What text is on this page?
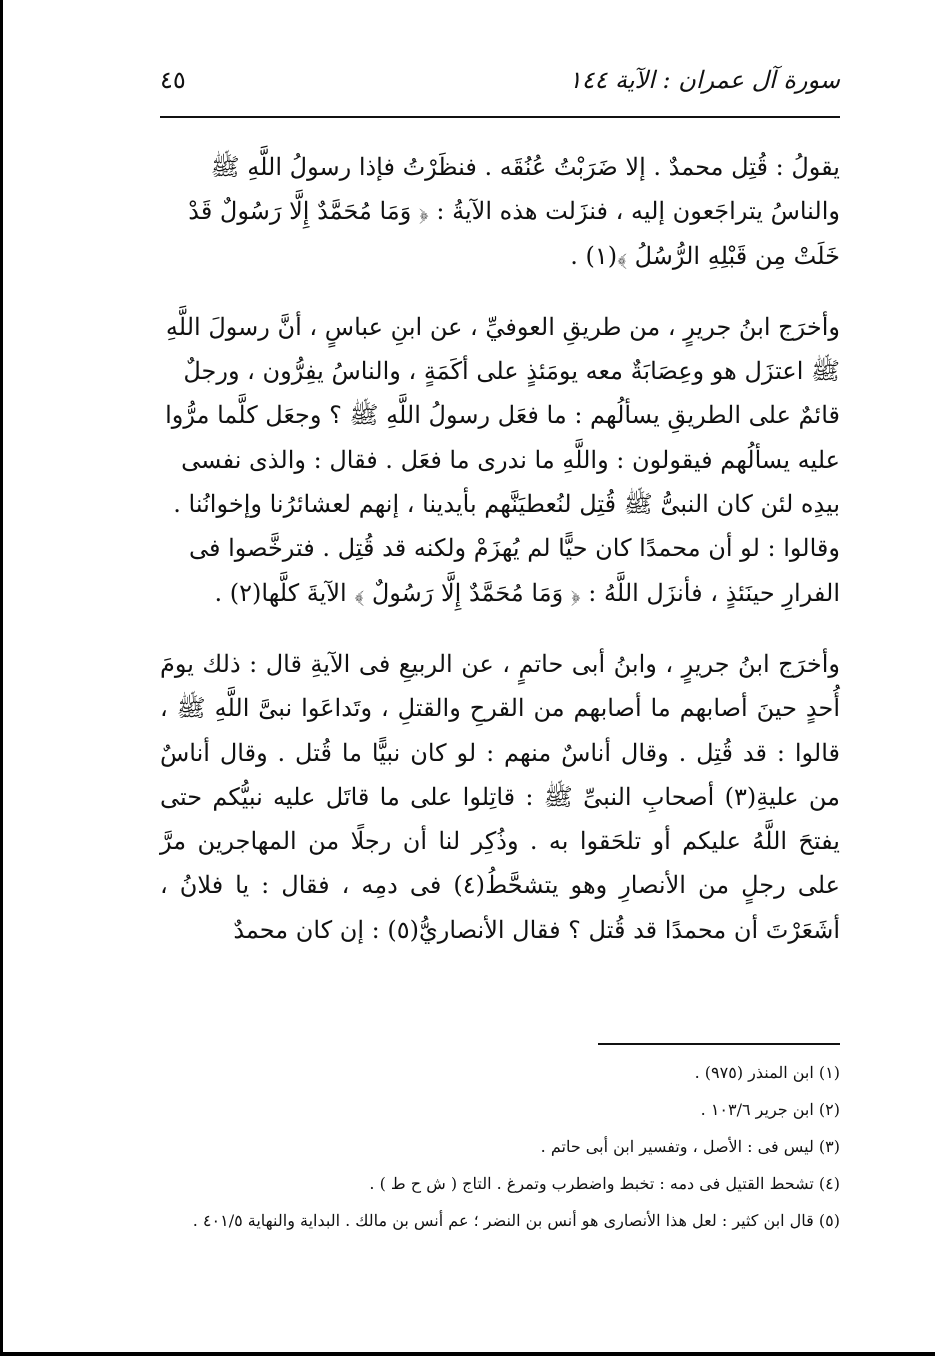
سورة آل عمران : الآية ١٤٤
٤٥

يقولُ : قُتِل محمدٌ . إلا ضَرَبْتُ عُنُقَه . فنظَرْتُ فإذا رسولُ اللَّهِ ﷺ والناسُ يتراجَعون إليه ، فنزَلت هذه الآيةُ : ﴿ وَمَا مُحَمَّدٌ إِلَّا رَسُولٌ قَدْ خَلَتْ مِن قَبْلِهِ الرُّسُلُ ﴾(١) .

وأخرَج ابنُ جريرٍ ، من طريقِ العوفيِّ ، عن ابنِ عباسٍ ، أنَّ رسولَ اللَّهِ ﷺ اعتزَل هو وعِصَابَةٌ معه يومَئذٍ على أكَمَةٍ ، والناسُ يفِرُّون ، ورجلٌ قائمٌ على الطريقِ يسألُهم : ما فعَل رسولُ اللَّهِ ﷺ ؟ وجعَل كلَّما مرُّوا عليه يسألُهم فيقولون : واللَّهِ ما ندرى ما فعَل . فقال : والذى نفسى بيدِه لئن كان النبىُّ ﷺ قُتِل لنُعطيَنَّهم بأيدينا ، إنهم لعشائرُنا وإخوانُنا . وقالوا : لو أن محمدًا كان حيًّا لم يُهزَمْ ولكنه قد قُتِل . فترخَّصوا فى الفرارِ حينَئذٍ ، فأنزَل اللَّهُ : ﴿ وَمَا مُحَمَّدٌ إِلَّا رَسُولٌ ﴾ الآيةَ كلَّها(٢) .

وأخرَج ابنُ جريرٍ ، وابنُ أبى حاتمٍ ، عن الربيعِ فى الآيةِ قال : ذلك يومَ أُحدٍ حينَ أصابهم ما أصابهم من القرحِ والقتلِ ، وتَداعَوا نبىَّ اللَّهِ ﷺ ، قالوا : قد قُتِل . وقال أناسٌ منهم : لو كان نبيًّا ما قُتل . وقال أناسٌ من عليةِ(٣) أصحابِ النبىِّ ﷺ : قاتِلوا على ما قاتَل عليه نبيُّكم حتى يفتحَ اللَّهُ عليكم أو تلحَقوا به . وذُكِر لنا أن رجلًا من المهاجرين مرَّ على رجلٍ من الأنصارِ وهو يتشحَّطُ(٤) فى دمِه ، فقال : يا فلانُ ، أشَعَرْتَ أن محمدًا قد قُتل ؟ فقال الأنصاريُّ(٥) : إن كان محمدٌ

(١) ابن المنذر (٩٧٥) .

(٢) ابن جرير ١٠٣/٦ .

(٣) ليس فى : الأصل ، وتفسير ابن أبى حاتم .

(٤) تشحط القتيل فى دمه : تخبط واضطرب وتمرغ . التاج ( ش ح ط ) .

(٥) قال ابن كثير : لعل هذا الأنصارى هو أنس بن النضر ؛ عم أنس بن مالك . البداية والنهاية ٤٠١/٥ .
